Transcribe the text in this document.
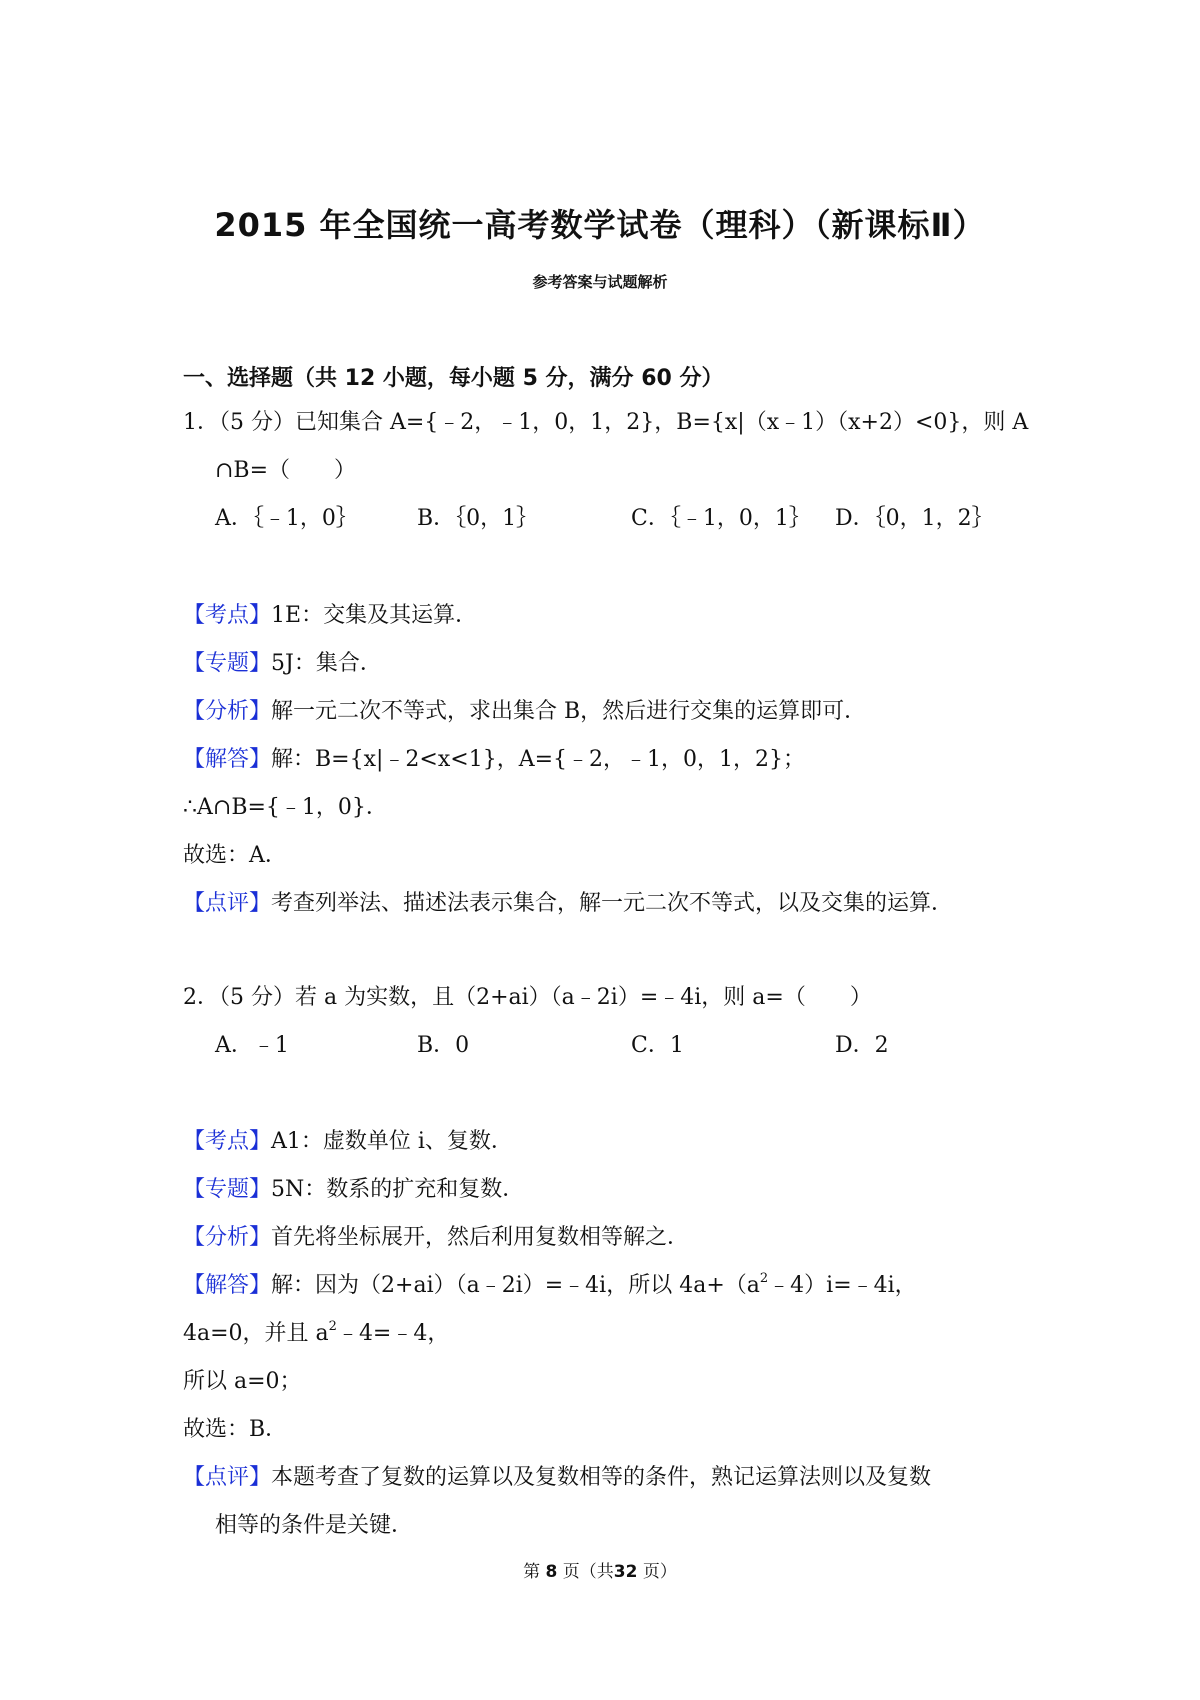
2015 年全国统一高考数学试卷（理科）（新课标Ⅱ）
参考答案与试题解析
一、选择题（共 12 小题，每小题 5 分，满分 60 分）
1．（5 分）已知集合 A={﹣2，﹣1，0，1，2}，B={x|（x﹣1）（x+2）<0}，则 A
∩B=（　　）
A．｛﹣1，0｝	B．｛0，1｝	C．｛﹣1，0，1｝ D．｛0，1，2｝
【考点】1E：交集及其运算．
【专题】5J：集合．
【分析】解一元二次不等式，求出集合 B，然后进行交集的运算即可．
【解答】解：B={x|﹣2<x<1}，A={﹣2，﹣1，0，1，2}；
∴A∩B={﹣1，0}．
故选：A．
【点评】考查列举法、描述法表示集合，解一元二次不等式，以及交集的运算．
2．（5 分）若 a 为实数，且（2+ai）（a﹣2i）=﹣4i，则 a=（　　）
A．﹣1	B．0	C．1	D．2
【考点】A1：虚数单位 i、复数．
【专题】5N：数系的扩充和复数．
【分析】首先将坐标展开，然后利用复数相等解之．
【解答】解：因为（2+ai）（a﹣2i）=﹣4i，所以 $4a+(a^2﹣4)i=﹣4i$，
4a=0，并且 $a^2﹣4=﹣4$，
所以 a=0；
故选：B．
【点评】本题考查了复数的运算以及复数相等的条件，熟记运算法则以及复数
相等的条件是关键．
第 8 页（共32 页）
